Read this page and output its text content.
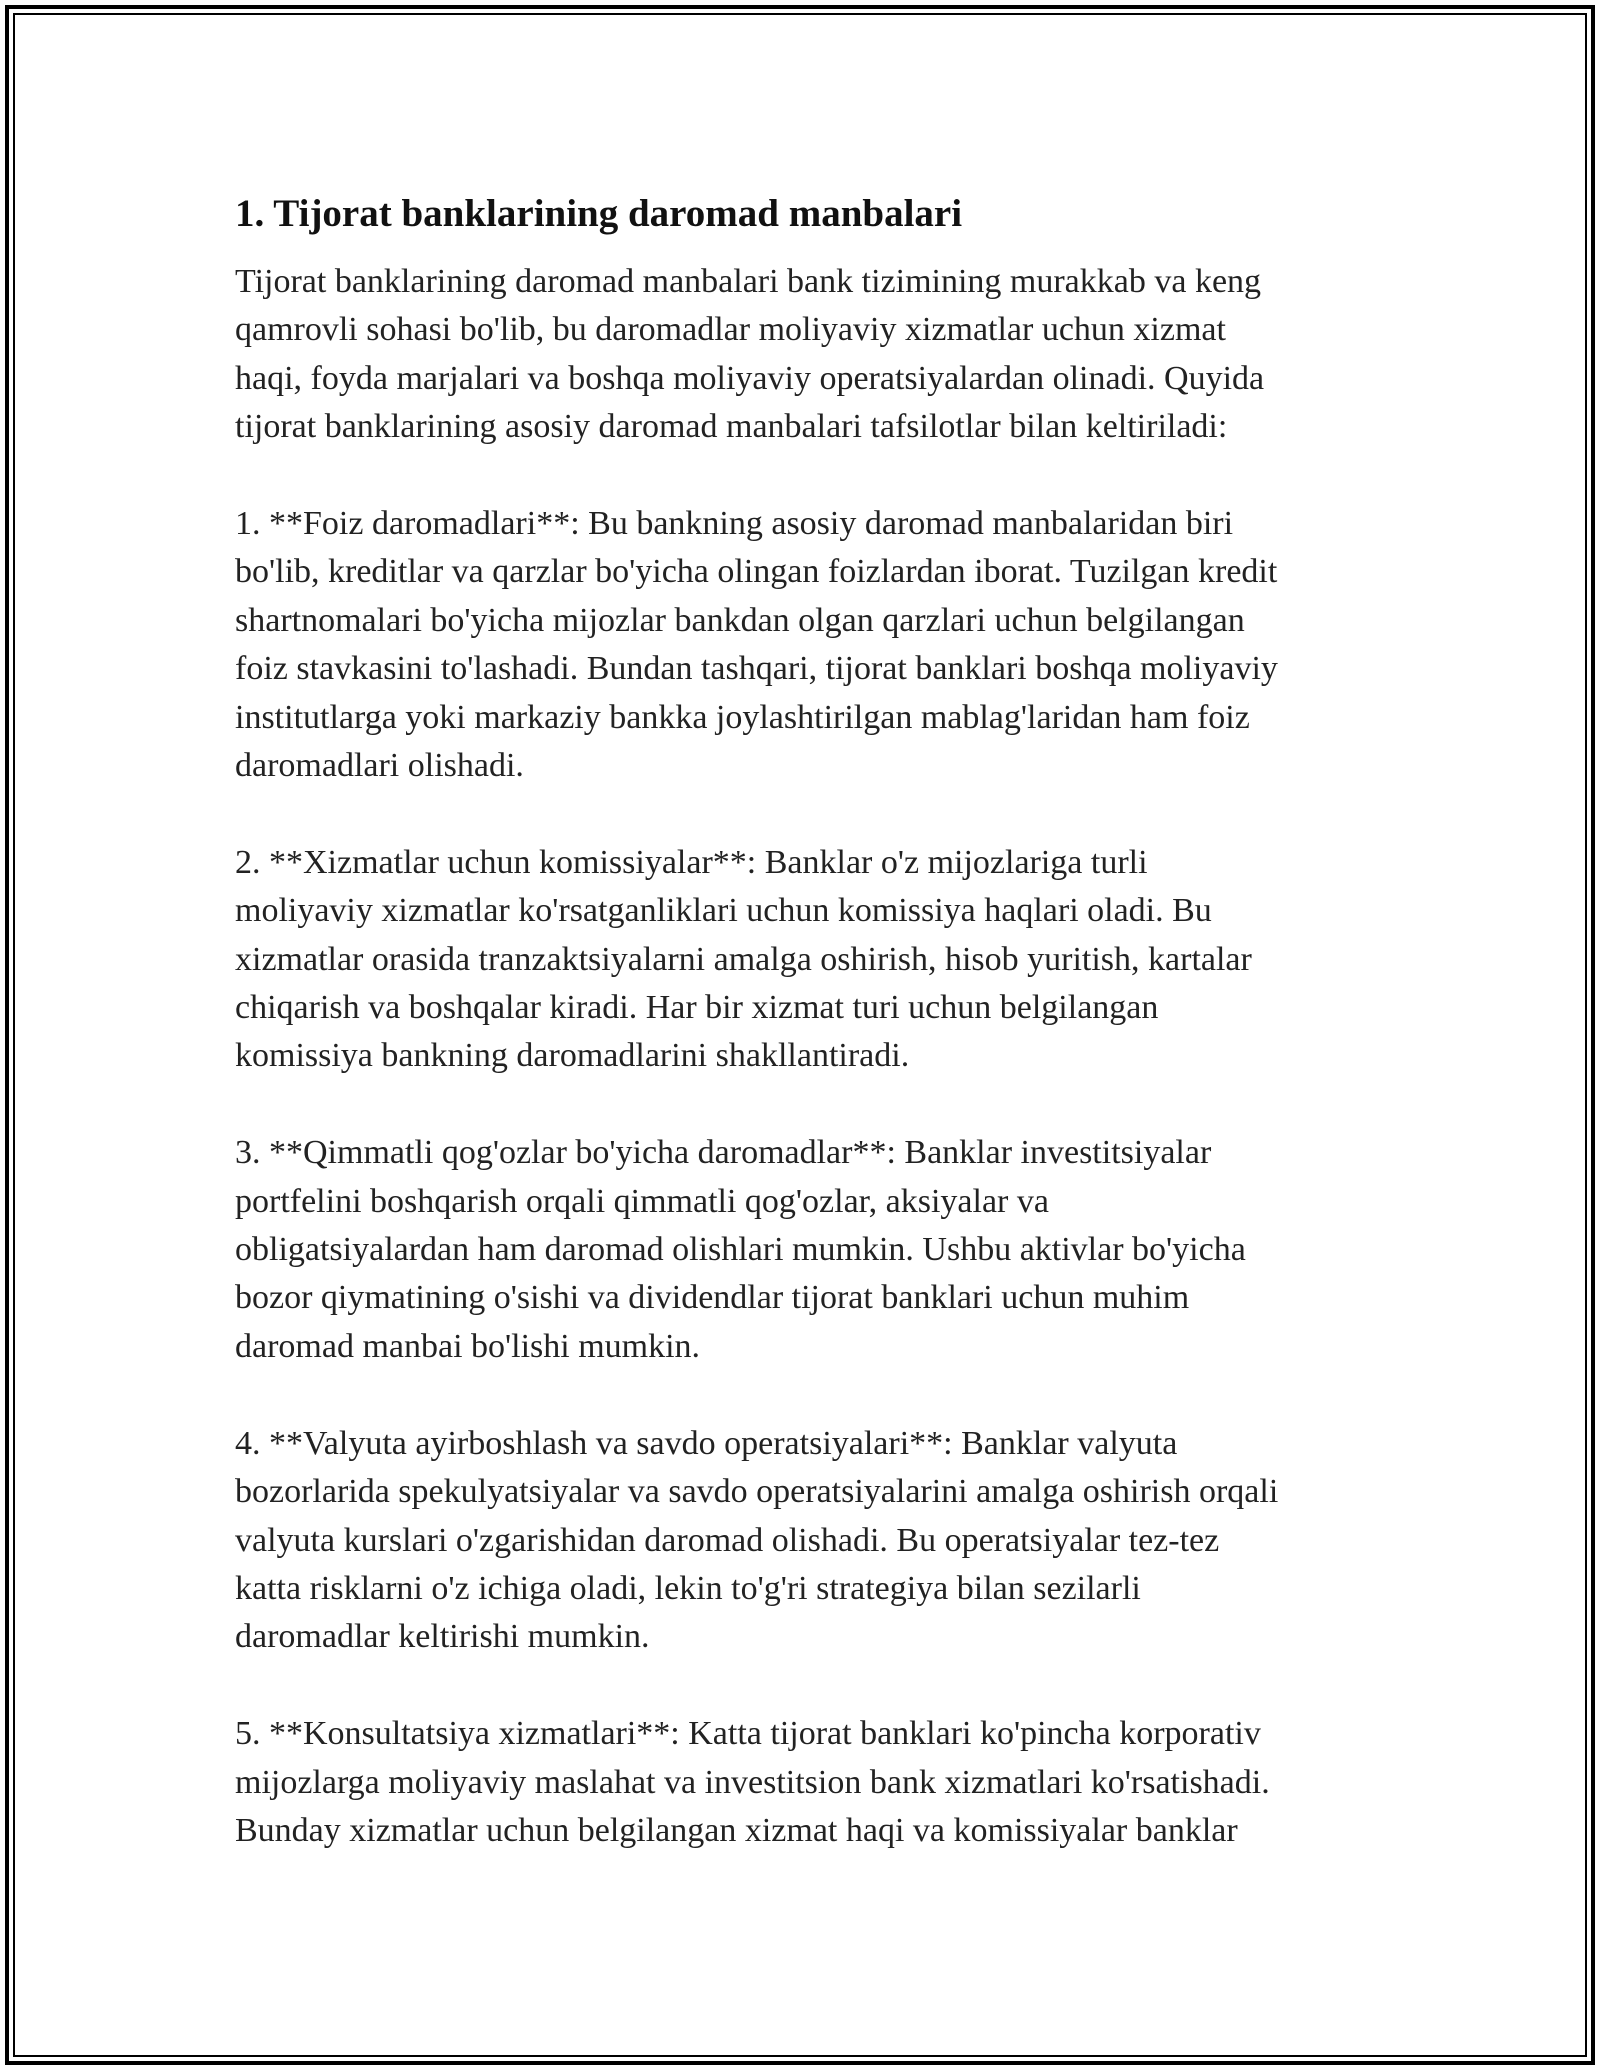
1. Tijorat banklarining daromad manbalari
Tijorat banklarining daromad manbalari bank tizimining murakkab va keng
qamrovli sohasi bo'lib, bu daromadlar moliyaviy xizmatlar uchun xizmat
haqi, foyda marjalari va boshqa moliyaviy operatsiyalardan olinadi. Quyida
tijorat banklarining asosiy daromad manbalari tafsilotlar bilan keltiriladi:
1. **Foiz daromadlari**: Bu bankning asosiy daromad manbalaridan biri
bo'lib, kreditlar va qarzlar bo'yicha olingan foizlardan iborat. Tuzilgan kredit
shartnomalari bo'yicha mijozlar bankdan olgan qarzlari uchun belgilangan
foiz stavkasini to'lashadi. Bundan tashqari, tijorat banklari boshqa moliyaviy
institutlarga yoki markaziy bankka joylashtirilgan mablag'laridan ham foiz
daromadlari olishadi.
2. **Xizmatlar uchun komissiyalar**: Banklar o'z mijozlariga turli
moliyaviy xizmatlar ko'rsatganliklari uchun komissiya haqlari oladi. Bu
xizmatlar orasida tranzaktsiyalarni amalga oshirish, hisob yuritish, kartalar
chiqarish va boshqalar kiradi. Har bir xizmat turi uchun belgilangan
komissiya bankning daromadlarini shakllantiradi.
3. **Qimmatli qog'ozlar bo'yicha daromadlar**: Banklar investitsiyalar
portfelini boshqarish orqali qimmatli qog'ozlar, aksiyalar va
obligatsiyalardan ham daromad olishlari mumkin. Ushbu aktivlar bo'yicha
bozor qiymatining o'sishi va dividendlar tijorat banklari uchun muhim
daromad manbai bo'lishi mumkin.
4. **Valyuta ayirboshlash va savdo operatsiyalari**: Banklar valyuta
bozorlarida spekulyatsiyalar va savdo operatsiyalarini amalga oshirish orqali
valyuta kurslari o'zgarishidan daromad olishadi. Bu operatsiyalar tez-tez
katta risklarni o'z ichiga oladi, lekin to'g'ri strategiya bilan sezilarli
daromadlar keltirishi mumkin.
5. **Konsultatsiya xizmatlari**: Katta tijorat banklari ko'pincha korporativ
mijozlarga moliyaviy maslahat va investitsion bank xizmatlari ko'rsatishadi.
Bunday xizmatlar uchun belgilangan xizmat haqi va komissiyalar banklar
